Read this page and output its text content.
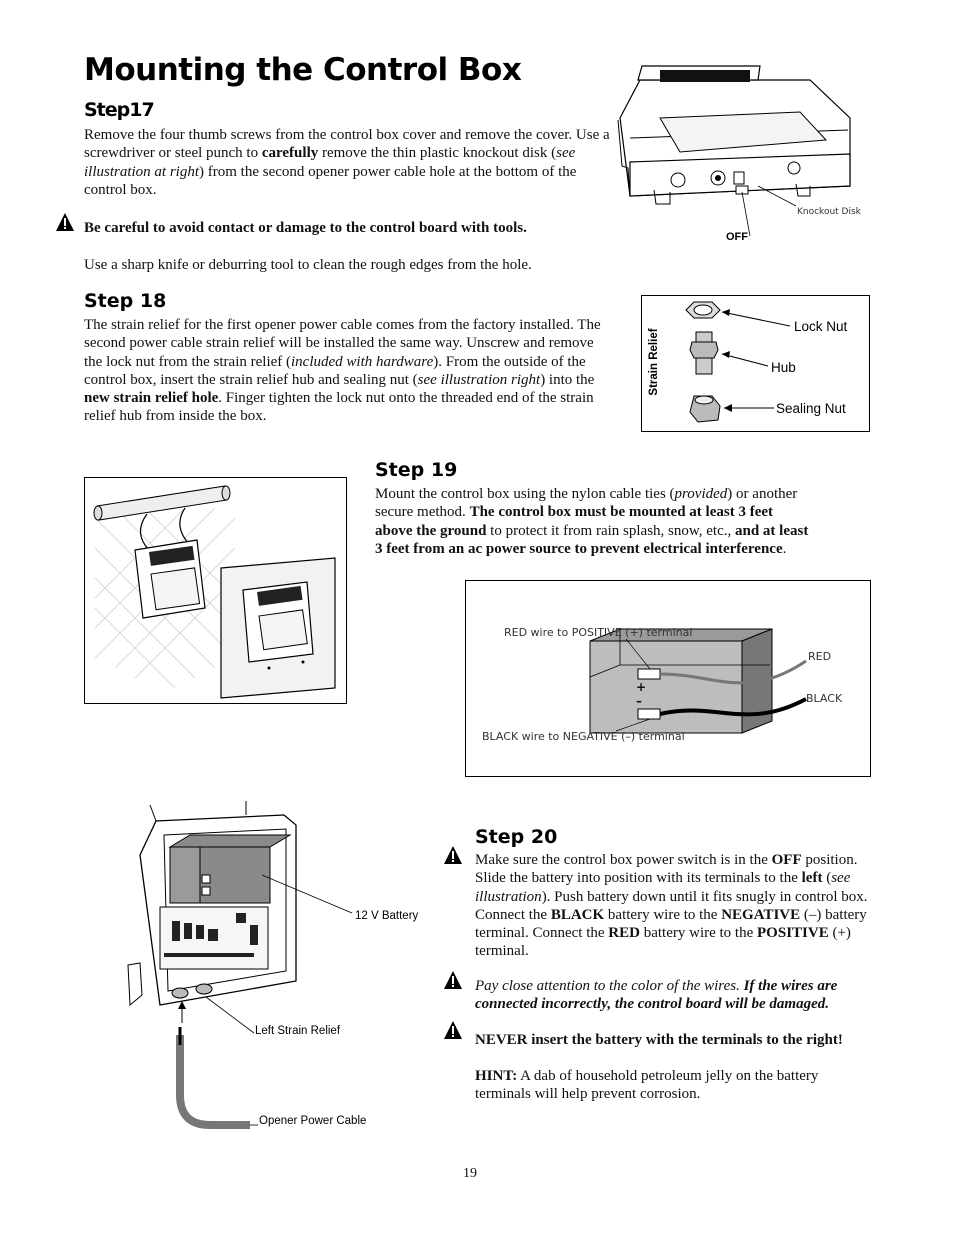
Mounting the Control Box
Step17
Remove the four thumb screws from the control box cover and remove the cover. Use a screwdriver or steel punch to carefully remove the thin plastic knockout disk (see illustration at right) from the second opener power cable hole at the bottom of the control box.
Be careful to avoid contact or damage to the control board with tools.
Use a sharp knife or deburring tool to clean the rough edges from the hole.
Knockout Disk
OFF
Step 18
The strain relief for the first opener power cable comes from the factory installed. The second power cable strain relief will be installed the same way. Unscrew and remove the lock nut from the strain relief (included with hardware). From the outside of the control box, insert the strain relief hub and sealing nut (see illustration right) into the new strain relief hole. Finger tighten the lock nut onto the threaded end of the strain relief hub from inside the box.
Strain Relief
Lock Nut
Hub
Sealing Nut
Step 19
Mount the control box using the nylon cable ties (provided) or another secure method. The control box must be mounted at least 3 feet above the ground to protect it from rain splash, snow, etc., and at least 3 feet from an ac power source to prevent electrical interference.
+
–
RED wire to POSITIVE (+) terminal
BLACK wire to NEGATIVE (–) terminal
RED
BLACK
12 V Battery
Left Strain Relief
Opener Power Cable
Step 20
Make sure the control box power switch is in the OFF position. Slide the battery into position with its terminals to the left (see illustration). Push battery down until it fits snugly in control box. Connect the BLACK battery wire to the NEGATIVE (–) battery terminal. Connect the RED battery wire to the POSITIVE (+) terminal.
Pay close attention to the color of the wires. If the wires are connected incorrectly, the control board will be damaged.
NEVER insert the battery with the terminals to the right!
HINT: A dab of household petroleum jelly on the battery terminals will help prevent corrosion.
19
